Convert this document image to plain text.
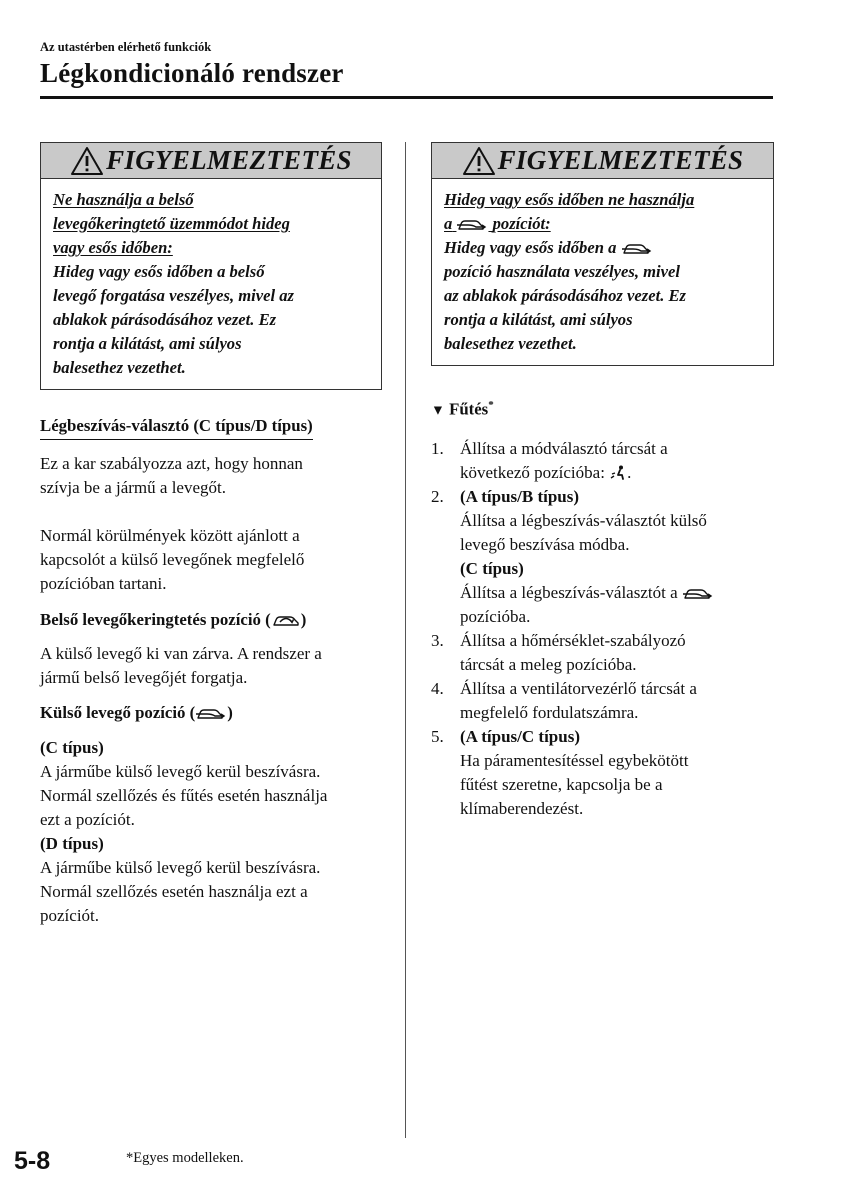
Az utastérben elérhető funkciók
Légkondicionáló rendszer
FIGYELMEZTETÉS
Ne használja a belső
levegőkeringtető üzemmódot hideg
vagy esős időben:
Hideg vagy esős időben a belső
levegő forgatása veszélyes, mivel az
ablakok párásodásához vezet. Ez
rontja a kilátást, ami súlyos
balesethez vezethet.
Légbeszívás-választó (C típus/D típus)
Ez a kar szabályozza azt, hogy honnan
szívja be a jármű a levegőt.
Normál körülmények között ajánlott a
kapcsolót a külső levegőnek megfelelő
pozícióban tartani.
Belső levegőkeringtetés pozíció ( )
A külső levegő ki van zárva. A rendszer a
jármű belső levegőjét forgatja.
Külső levegő pozíció ( )
(C típus)
A járműbe külső levegő kerül beszívásra.
Normál szellőzés és fűtés esetén használja
ezt a pozíciót.
(D típus)
A járműbe külső levegő kerül beszívásra.
Normál szellőzés esetén használja ezt a
pozíciót.
FIGYELMEZTETÉS
Hideg vagy esős időben ne használja
a pozíciót:
Hideg vagy esős időben a
pozíció használata veszélyes, mivel
az ablakok párásodásához vezet. Ez
rontja a kilátást, ami súlyos
balesethez vezethet.
▼ Fűtés*
1. Állítsa a módválasztó tárcsát a
következő pozícióba: .
2. (A típus/B típus)
Állítsa a légbeszívás-választót külső
levegő beszívása módba.
(C típus)
Állítsa a légbeszívás-választót a
pozícióba.
3. Állítsa a hőmérséklet-szabályozó
tárcsát a meleg pozícióba.
4. Állítsa a ventilátorvezérlő tárcsát a
megfelelő fordulatszámra.
5. (A típus/C típus)
Ha páramentesítéssel egybekötött
fűtést szeretne, kapcsolja be a
klímaberendezést.
5-8	*Egyes modelleken.
